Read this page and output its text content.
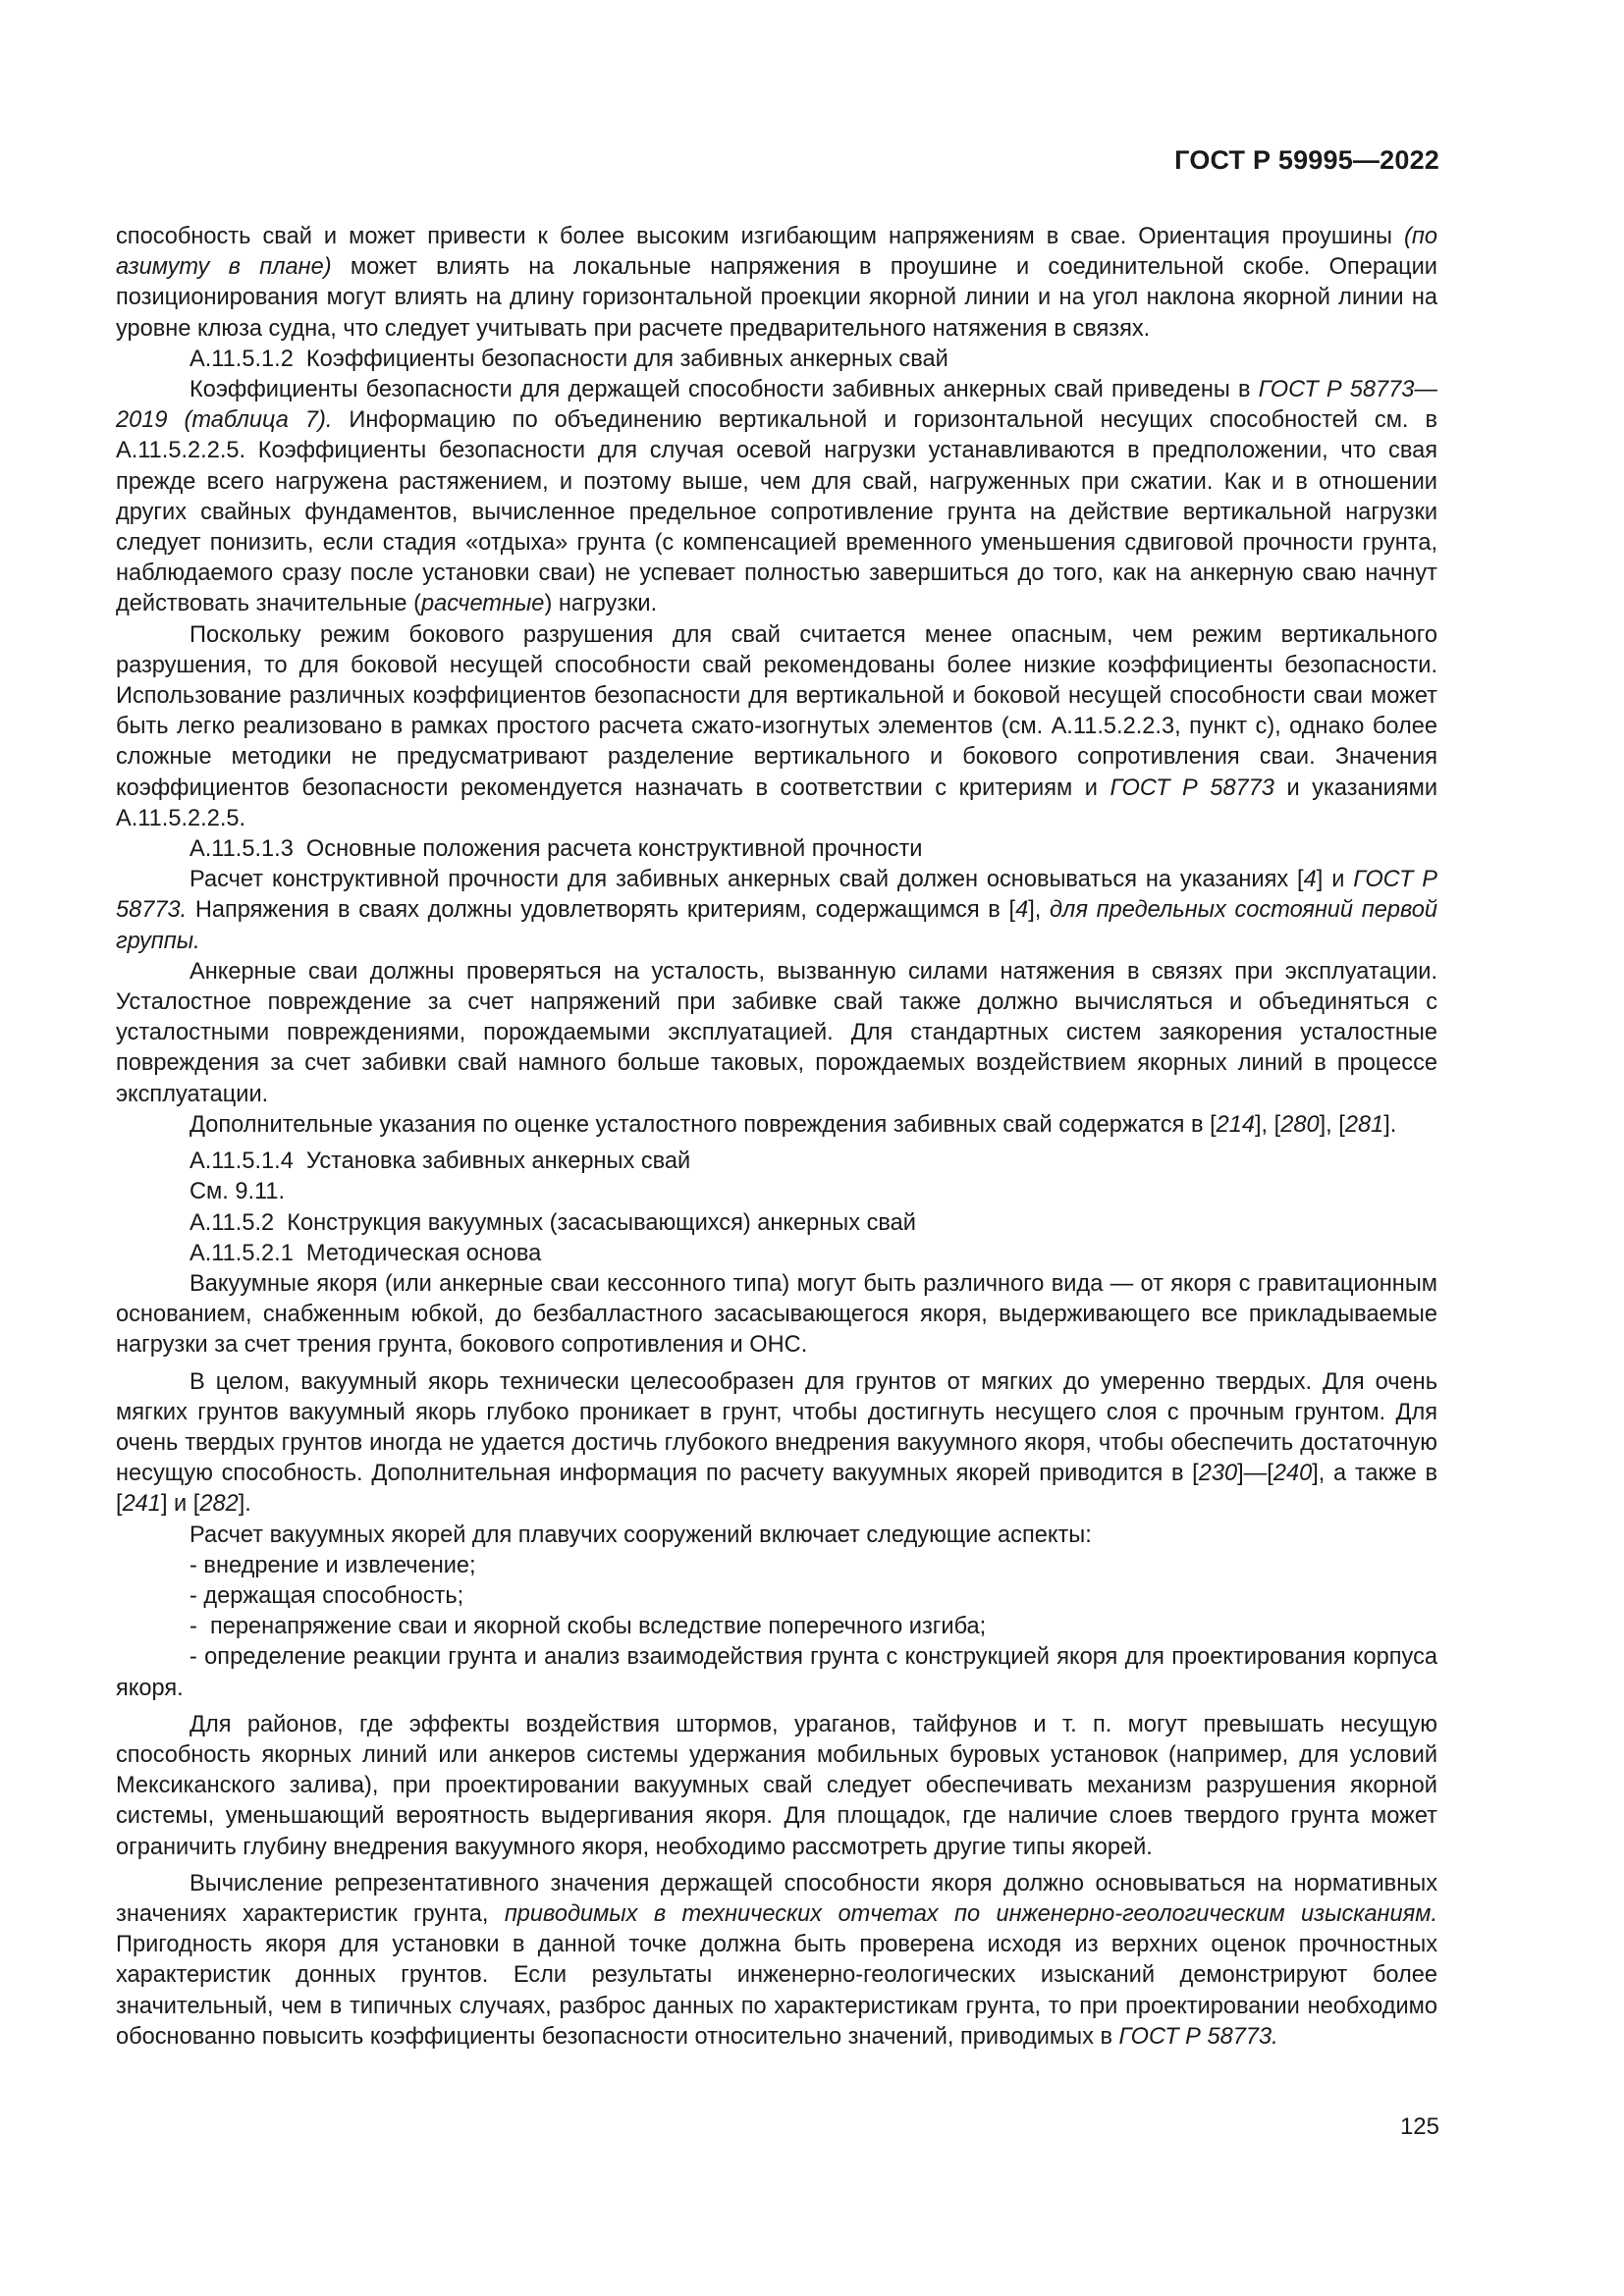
ГОСТ Р 59995—2022

способность свай и может привести к более высоким изгибающим напряжениям в свае. Ориентация проушины (по азимуту в плане) может влиять на локальные напряжения в проушине и соединительной скобе. Операции позиционирования могут влиять на длину горизонтальной проекции якорной линии и на угол наклона якорной линии на уровне клюза судна, что следует учитывать при расчете предварительного натяжения в связях.

А.11.5.1.2  Коэффициенты безопасности для забивных анкерных свай

Коэффициенты безопасности для держащей способности забивных анкерных свай приведены в ГОСТ Р 58773—2019 (таблица 7). Информацию по объединению вертикальной и горизонтальной несущих способностей см. в А.11.5.2.2.5. Коэффициенты безопасности для случая осевой нагрузки устанавливаются в предположении, что свая прежде всего нагружена растяжением, и поэтому выше, чем для свай, нагруженных при сжатии. Как и в отношении других свайных фундаментов, вычисленное предельное сопротивление грунта на действие вертикальной нагрузки следует понизить, если стадия «отдыха» грунта (с компенсацией временного уменьшения сдвиговой прочности грунта, наблюдаемого сразу после установки сваи) не успевает полностью завершиться до того, как на анкерную сваю начнут действовать значительные (расчетные) нагрузки.

Поскольку режим бокового разрушения для свай считается менее опасным, чем режим вертикального разрушения, то для боковой несущей способности свай рекомендованы более низкие коэффициенты безопасности. Использование различных коэффициентов безопасности для вертикальной и боковой несущей способности сваи может быть легко реализовано в рамках простого расчета сжато-изогнутых элементов (см. А.11.5.2.2.3, пункт c), однако более сложные методики не предусматривают разделение вертикального и бокового сопротивления сваи. Значения коэффициентов безопасности рекомендуется назначать в соответствии с критериям и ГОСТ Р 58773 и указаниями А.11.5.2.2.5.

А.11.5.1.3  Основные положения расчета конструктивной прочности

Расчет конструктивной прочности для забивных анкерных свай должен основываться на указаниях [4] и ГОСТ Р 58773. Напряжения в сваях должны удовлетворять критериям, содержащимся в [4], для предельных состояний первой группы.

Анкерные сваи должны проверяться на усталость, вызванную силами натяжения в связях при эксплуатации. Усталостное повреждение за счет напряжений при забивке свай также должно вычисляться и объединяться с усталостными повреждениями, порождаемыми эксплуатацией. Для стандартных систем заякорения усталостные повреждения за счет забивки свай намного больше таковых, порождаемых воздействием якорных линий в процессе эксплуатации.

Дополнительные указания по оценке усталостного повреждения забивных свай содержатся в [214], [280], [281].

А.11.5.1.4  Установка забивных анкерных свай

См. 9.11.

А.11.5.2  Конструкция вакуумных (засасывающихся) анкерных свай

А.11.5.2.1  Методическая основа

Вакуумные якоря (или анкерные сваи кессонного типа) могут быть различного вида — от якоря с гравитационным основанием, снабженным юбкой, до безбалластного засасывающегося якоря, выдерживающего все прикладываемые нагрузки за счет трения грунта, бокового сопротивления и ОНС.

В целом, вакуумный якорь технически целесообразен для грунтов от мягких до умеренно твердых. Для очень мягких грунтов вакуумный якорь глубоко проникает в грунт, чтобы достигнуть несущего слоя с прочным грунтом. Для очень твердых грунтов иногда не удается достичь глубокого внедрения вакуумного якоря, чтобы обеспечить достаточную несущую способность. Дополнительная информация по расчету вакуумных якорей приводится в [230]—[240], а также в [241] и [282].

Расчет вакуумных якорей для плавучих сооружений включает следующие аспекты:

- внедрение и извлечение;

- держащая способность;

-  перенапряжение сваи и якорной скобы вследствие поперечного изгиба;

- определение реакции грунта и анализ взаимодействия грунта с конструкцией якоря для проектирования корпуса якоря.

Для районов, где эффекты воздействия штормов, ураганов, тайфунов и т. п. могут превышать несущую способность якорных линий или анкеров системы удержания мобильных буровых установок (например, для условий Мексиканского залива), при проектировании вакуумных свай следует обеспечивать механизм разрушения якорной системы, уменьшающий вероятность выдергивания якоря. Для площадок, где наличие слоев твердого грунта может ограничить глубину внедрения вакуумного якоря, необходимо рассмотреть другие типы якорей.

Вычисление репрезентативного значения держащей способности якоря должно основываться на нормативных значениях характеристик грунта, приводимых в технических отчетах по инженерно-геологическим изысканиям. Пригодность якоря для установки в данной точке должна быть проверена исходя из верхних оценок прочностных характеристик донных грунтов. Если результаты инженерно-геологических изысканий демонстрируют более значительный, чем в типичных случаях, разброс данных по характеристикам грунта, то при проектировании необходимо обоснованно повысить коэффициенты безопасности относительно значений, приводимых в ГОСТ Р 58773.

125
